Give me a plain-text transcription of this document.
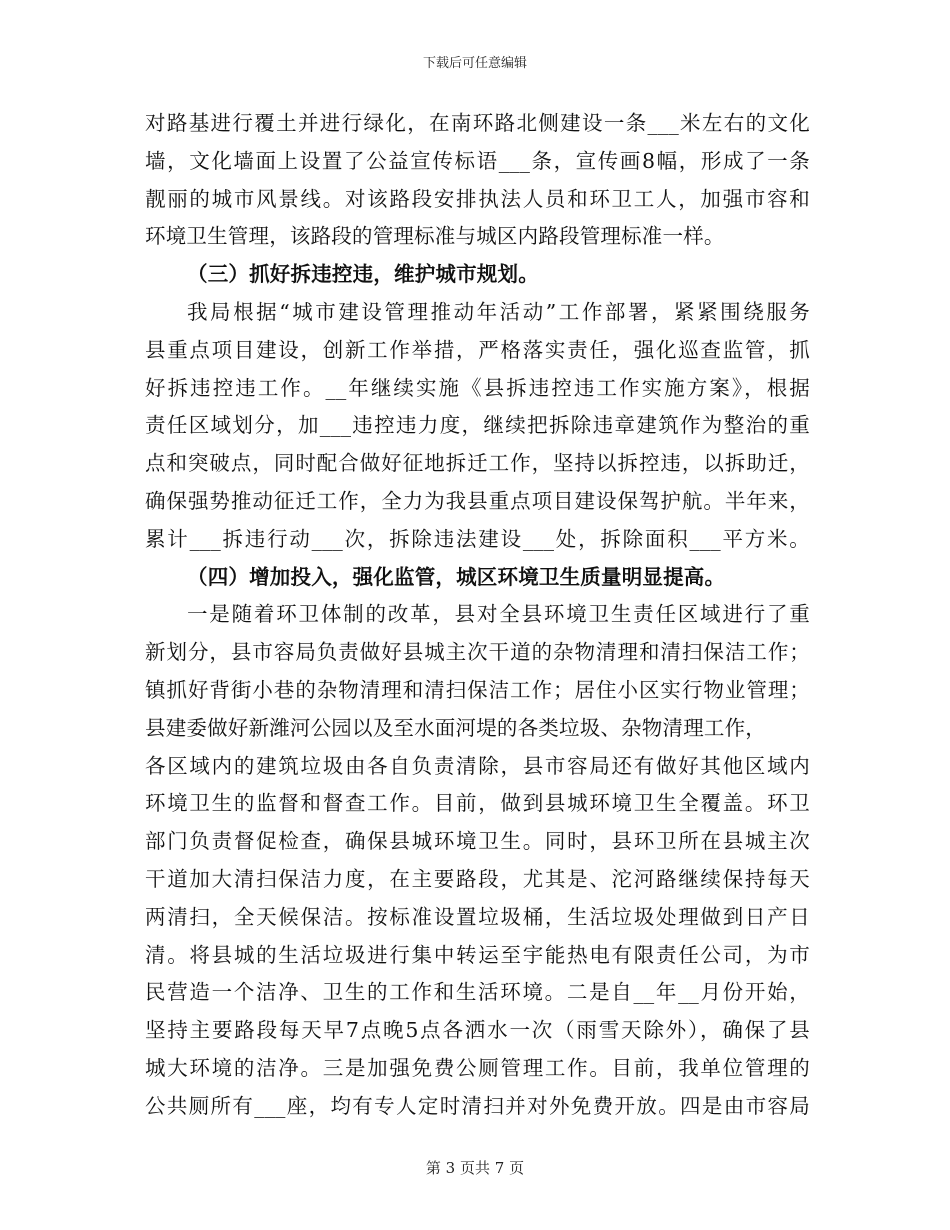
下载后可任意编辑
对路基进行覆土并进行绿化，在南环路北侧建设一条___米左右的文化
墙，文化墙面上设置了公益宣传标语___条，宣传画8幅，形成了一条
靓丽的城市风景线。对该路段安排执法人员和环卫工人，加强市容和
环境卫生管理，该路段的管理标准与城区内路段管理标准一样。
（三）抓好拆违控违，维护城市规划。
我局根据“城市建设管理推动年活动”工作部署，紧紧围绕服务
县重点项目建设，创新工作举措，严格落实责任，强化巡查监管，抓
好拆违控违工作。__年继续实施《县拆违控违工作实施方案》，根据
责任区域划分，加___违控违力度，继续把拆除违章建筑作为整治的重
点和突破点，同时配合做好征地拆迁工作，坚持以拆控违，以拆助迁，
确保强势推动征迁工作，全力为我县重点项目建设保驾护航。半年来，
累计___拆违行动___次，拆除违法建设___处，拆除面积___平方米。
（四）增加投入，强化监管，城区环境卫生质量明显提高。
一是随着环卫体制的改革，县对全县环境卫生责任区域进行了重
新划分，县市容局负责做好县城主次干道的杂物清理和清扫保洁工作；
镇抓好背街小巷的杂物清理和清扫保洁工作；居住小区实行物业管理；
县建委做好新潍河公园以及至水面河堤的各类垃圾、杂物清理工作，
各区域内的建筑垃圾由各自负责清除，县市容局还有做好其他区域内
环境卫生的监督和督查工作。目前，做到县城环境卫生全覆盖。环卫
部门负责督促检查，确保县城环境卫生。同时，县环卫所在县城主次
干道加大清扫保洁力度，在主要路段，尤其是、沱河路继续保持每天
两清扫，全天候保洁。按标准设置垃圾桶，生活垃圾处理做到日产日
清。将县城的生活垃圾进行集中转运至宇能热电有限责任公司，为市
民营造一个洁净、卫生的工作和生活环境。二是自__年__月份开始，
坚持主要路段每天早7点晚5点各洒水一次（雨雪天除外），确保了县
城大环境的洁净。三是加强免费公厕管理工作。目前，我单位管理的
公共厕所有___座，均有专人定时清扫并对外免费开放。四是由市容局
第 3 页共 7 页
